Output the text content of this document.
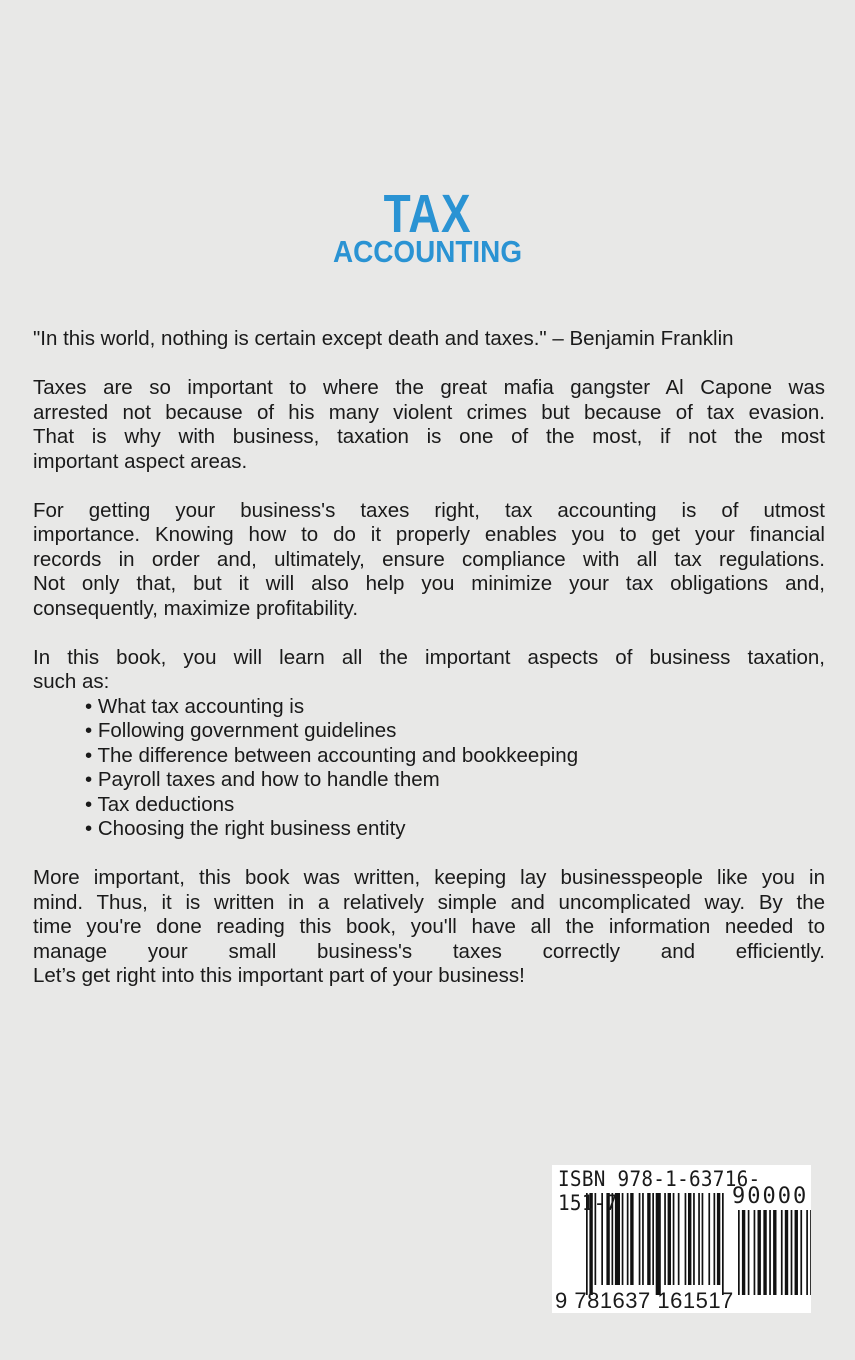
TAX
ACCOUNTING
"In this world, nothing is certain except death and taxes." – Benjamin Franklin
Taxes are so important to where the great mafia gangster Al Capone was
arrested not because of his many violent crimes but because of tax evasion.
That is why with business, taxation is one of the most, if not the most
important aspect areas.
For getting your business's taxes right, tax accounting is of utmost
importance. Knowing how to do it properly enables you to get your financial
records in order and, ultimately, ensure compliance with all tax regulations.
Not only that, but it will also help you minimize your tax obligations and,
consequently, maximize profitability.
In this book, you will learn all the important aspects of business taxation,
such as:
• What tax accounting is
• Following government guidelines
• The difference between accounting and bookkeeping
• Payroll taxes and how to handle them
• Tax deductions
• Choosing the right business entity
More important, this book was written, keeping lay businesspeople like you in
mind. Thus, it is written in a relatively simple and uncomplicated way. By the
time you're done reading this book, you'll have all the information needed to
manage your small business's taxes correctly and efficiently.
Let’s get right into this important part of your business!
ISBN 978-1-63716-151-7	90000
9 781637 161517
